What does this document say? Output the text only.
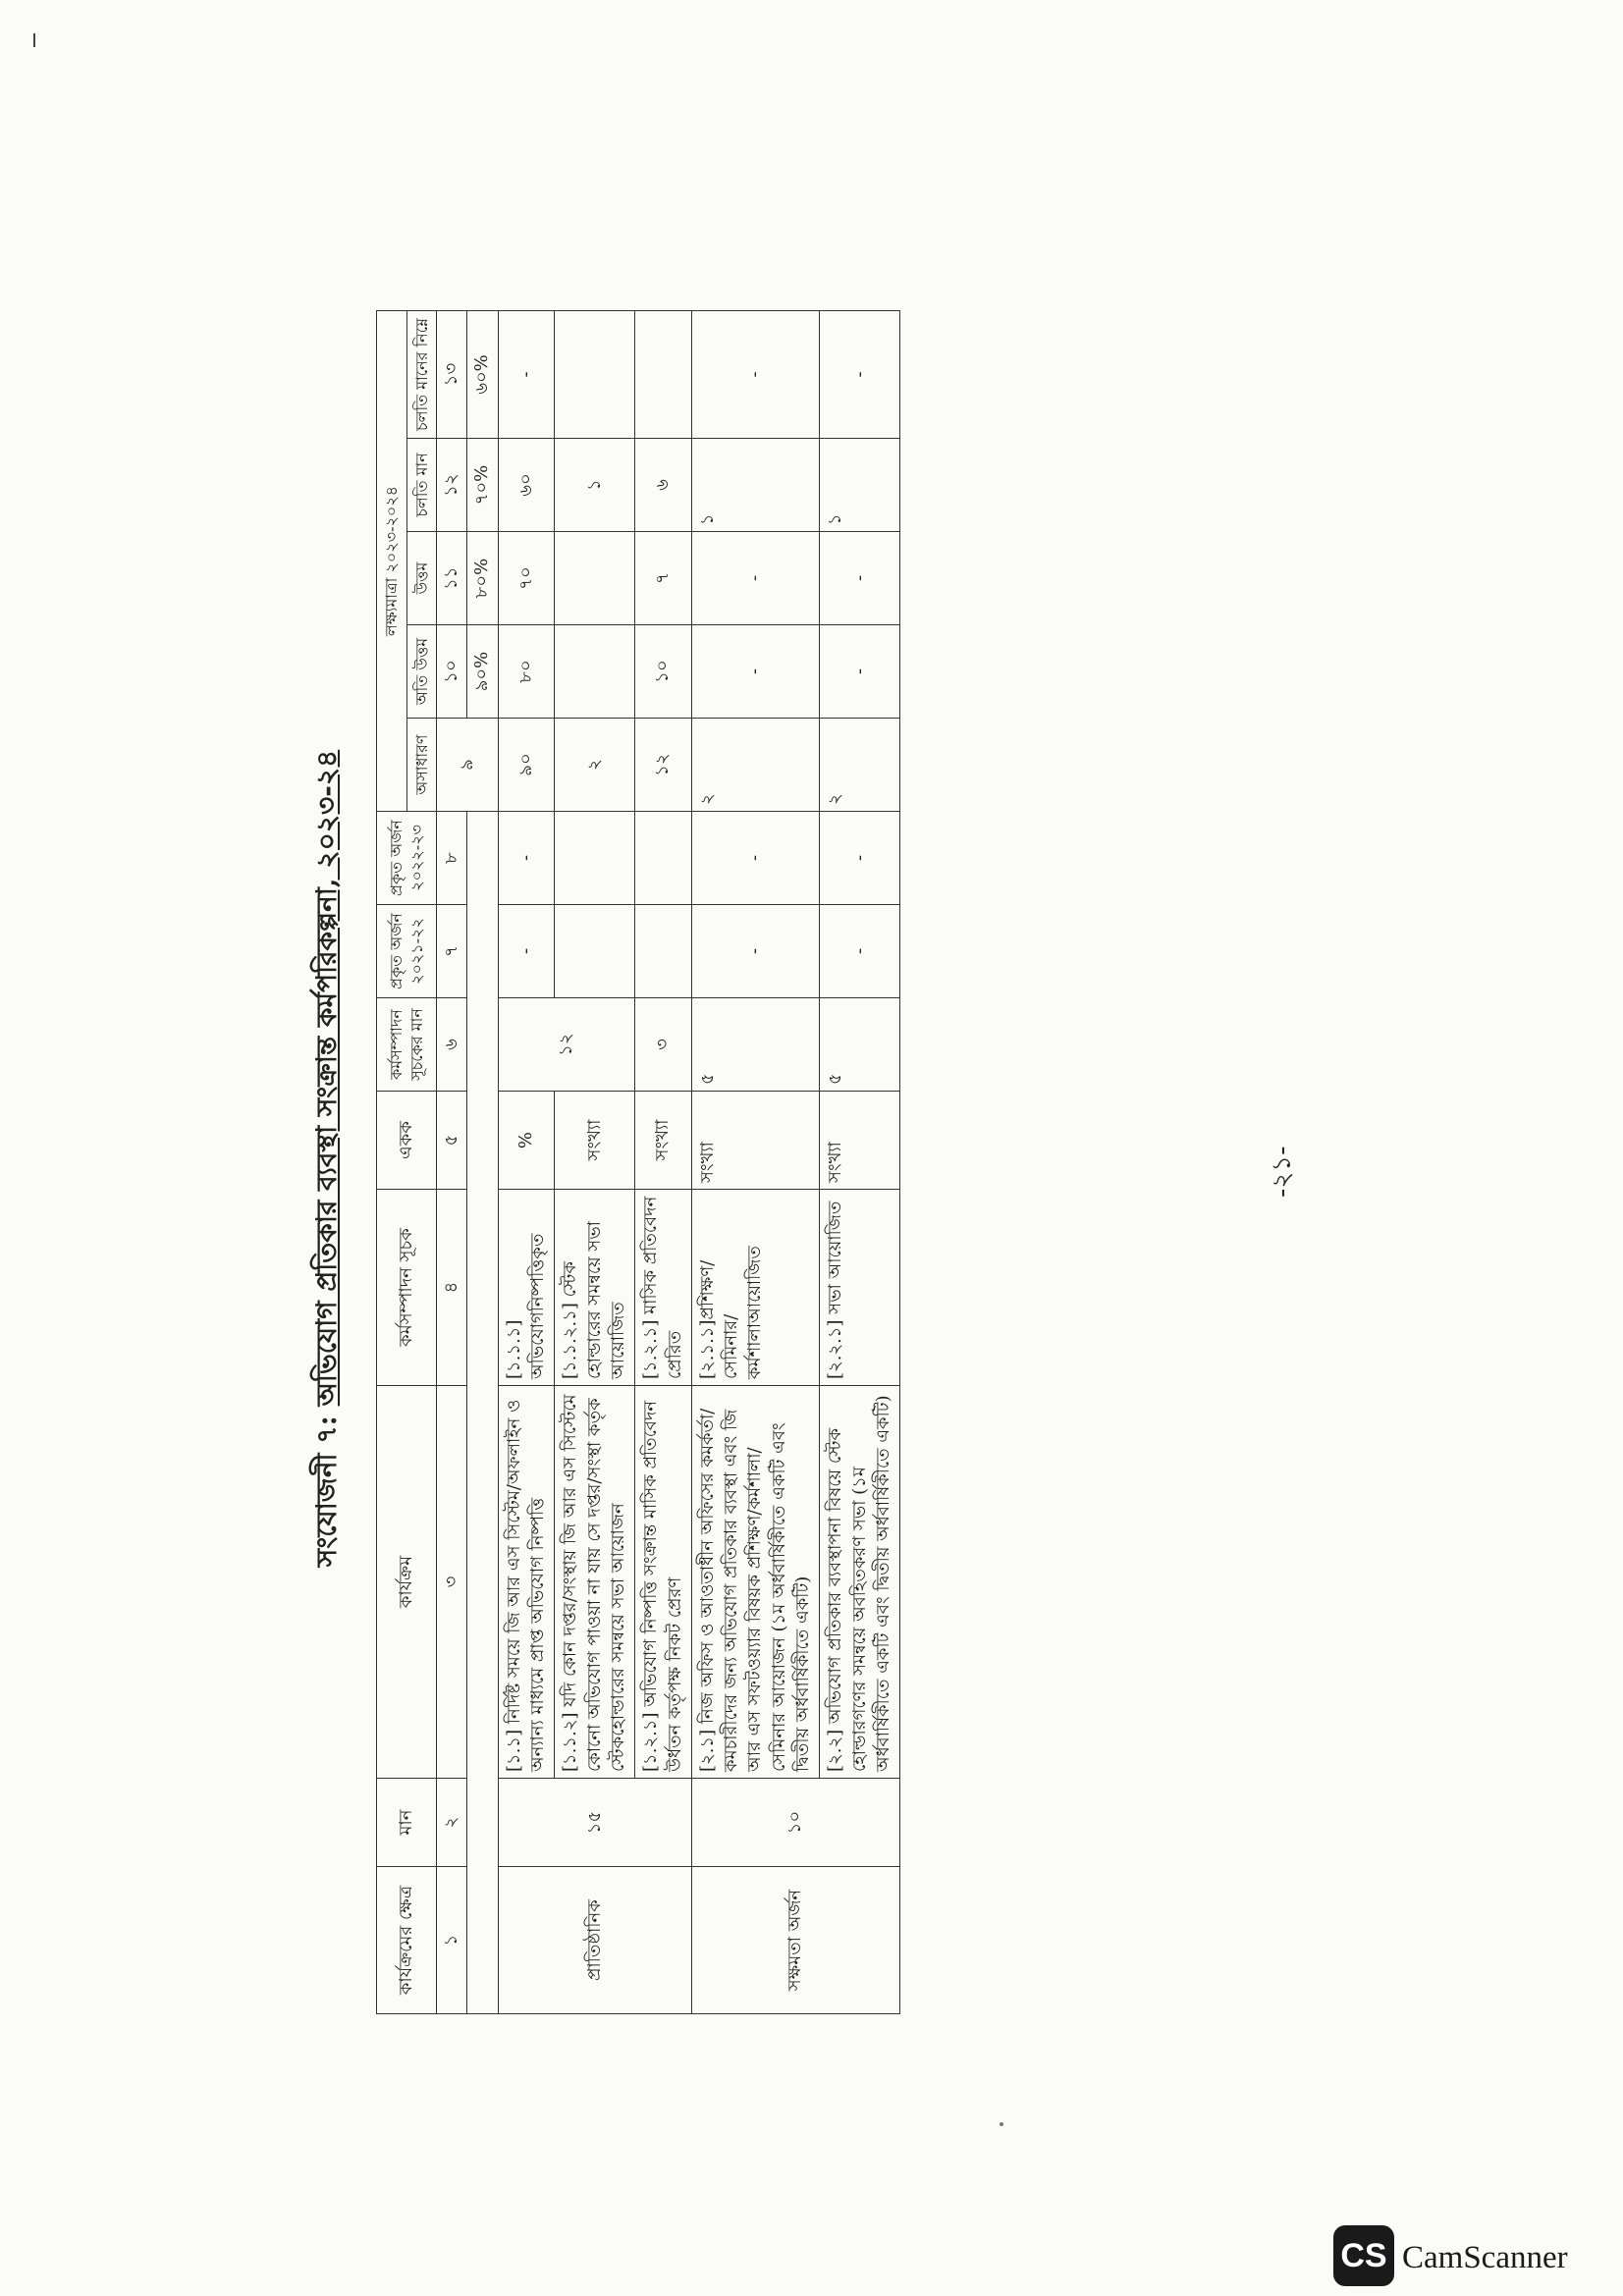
সংযোজনী ৭: অভিযোগ প্রতিকার ব্যবস্থা সংক্রান্ত কর্মপরিকল্পনা, ২০২৩-২৪
কার্যক্রমের ক্ষেত্র	মান	কার্যক্রম	কর্মসম্পাদন সূচক	একক	কর্মসম্পাদন সূচকের মান	প্রকৃত অর্জন ২০২১-২২	প্রকৃত অর্জন ২০২২-২৩	লক্ষ্যমাত্রা ২০২৩-২০২৪				
								অসাধারণ	অতি উত্তম	উত্তম	চলতি মান	চলতি মানের নিম্নে
১	২	৩	৪	৫	৬	৭	৮	৯	১০	১১	১২	১৩
									৯০%	৮০%	৭০%	৬০%
প্রাতিষ্ঠানিক	১৫	[১.১] নির্দিষ্ট সময়ে জি আর এস সিস্টেম/অফলাইন ও অন্যান্য মাধ্যমে প্রাপ্ত অভিযোগ নিষ্পত্তি	[১.১.১] অভিযোগনিষ্পত্তিকৃত	%	১২	-	-	৯০	৮০	৭০	৬০	-
		[১.১.২] যদি কোন দপ্তর/সংস্থায় জি আর এস সিস্টেমে কোনো অভিযোগ পাওয়া না যায় সে দপ্তর/সংস্থা কর্তৃক স্টেকহোল্ডারের সমন্বয়ে সভা আয়োজন	[১.১.২.১] স্টেক হোল্ডারের সমন্বয়ে সভা আয়োজিত	সংখ্যা				২			১	
		[১.২.১] অভিযোগ নিষ্পত্তি সংক্রান্ত মাসিক প্রতিবেদন উর্ধতন কর্তৃপক্ষ নিকট প্রেরণ	[১.২.১] মাসিক প্রতিবেদন প্রেরিত	সংখ্যা	৩			১২	১০	৭	৬	
সক্ষমতা অর্জন	১০	[২.১] নিজ অফিস ও আওতাধীন অফিসের কমর্কর্তা/কমচারীদের জন্য অভিযোগ প্রতিকার ব্যবস্থা এবং জি আর এস সফটওয়্যার বিষয়ক প্রশিক্ষণ/কর্মশালা/সেমিনার আয়োজন (১ম অর্ধবার্ষিকীতে একটি এবং দ্বিতীয় অর্ধবার্ষিকীতে একটি)	[২.১.১]প্রশিক্ষণ/সেমিনার/কর্মশালাআয়োজিত	সংখ্যা	৫	-	-	২	-	-	১	-
		[২.২] অভিযোগ প্রতিকার ব্যবস্থাপনা বিষয়ে স্টেক হোল্ডারগণের সমন্বয়ে অবহিতকরণ সভা (১ম অর্ধবার্ষিকীতে একটি এবং দ্বিতীয় অর্ধবার্ষিকীতে একটি)	[২.২.১] সভা আয়োজিত	সংখ্যা	৫	-	-	২	-	-	১	-
-২১-
CS CamScanner
